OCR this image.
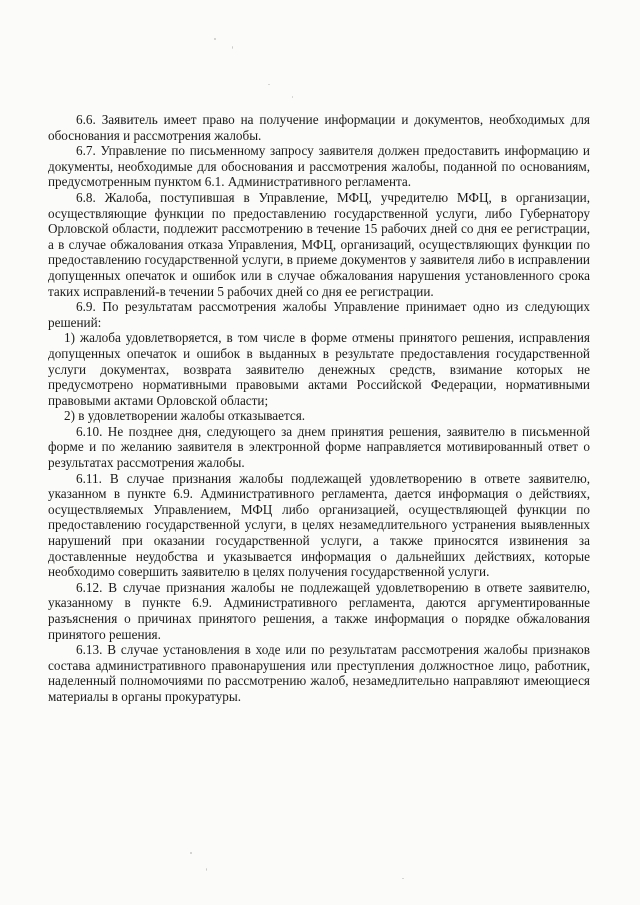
6.6. Заявитель имеет право на получение информации и документов, необходимых для обоснования и рассмотрения жалобы.

6.7. Управление по письменному запросу заявителя должен предоставить информацию и документы, необходимые для обоснования и рассмотрения жалобы, поданной по основаниям, предусмотренным пунктом 6.1. Административного регламента.

6.8. Жалоба, поступившая в Управление, МФЦ, учредителю МФЦ, в организации, осуществляющие функции по предоставлению государственной услуги, либо Губернатору Орловской области, подлежит рассмотрению в течение 15 рабочих дней со дня ее регистрации, а в случае обжалования отказа Управления, МФЦ, организаций, осуществляющих функции по предоставлению государственной услуги, в приеме документов у заявителя либо в исправлении допущенных опечаток и ошибок или в случае обжалования нарушения установленного срока таких исправлений-в течении 5 рабочих дней со дня ее регистрации.

6.9. По результатам рассмотрения жалобы Управление принимает одно из следующих решений:

1) жалоба удовлетворяется, в том числе в форме отмены принятого решения, исправления допущенных опечаток и ошибок в выданных в результате предоставления государственной услуги документах, возврата заявителю денежных средств, взимание которых не предусмотрено нормативными правовыми актами Российской Федерации, нормативными правовыми актами Орловской области;

2) в удовлетворении жалобы отказывается.

6.10. Не позднее дня, следующего за днем принятия решения, заявителю в письменной форме и по желанию заявителя в электронной форме направляется мотивированный ответ о результатах рассмотрения жалобы.

6.11. В случае признания жалобы подлежащей удовлетворению в ответе заявителю, указанном в пункте 6.9. Административного регламента, дается информация о действиях, осуществляемых Управлением, МФЦ либо организацией, осуществляющей функции по предоставлению государственной услуги, в целях незамедлительного устранения выявленных нарушений при оказании государственной услуги, а также приносятся извинения за доставленные неудобства и указывается информация о дальнейших действиях, которые необходимо совершить заявителю в целях получения государственной услуги.

6.12. В случае признания жалобы не подлежащей удовлетворению в ответе заявителю, указанному в пункте 6.9. Административного регламента, даются аргументированные разъяснения о причинах принятого решения, а также информация о порядке обжалования принятого решения.

6.13. В случае установления в ходе или по результатам рассмотрения жалобы признаков состава административного правонарушения или преступления должностное лицо, работник, наделенный полномочиями по рассмотрению жалоб, незамедлительно направляют имеющиеся материалы в органы прокуратуры.
